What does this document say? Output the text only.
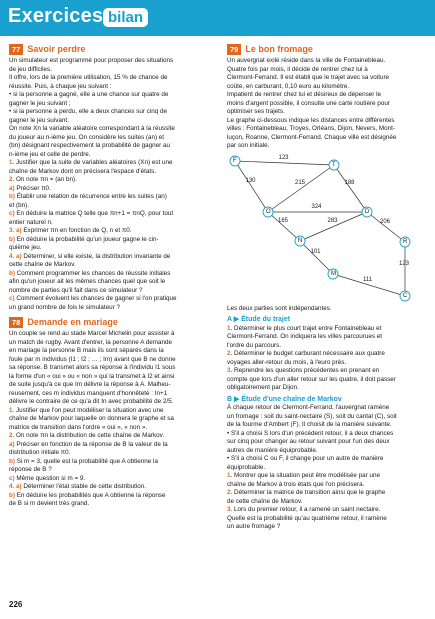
Exercices bilan
77 Savoir perdre

Un simulateur est programmé pour proposer des situations

de jeu difficiles.

Il offre, lors de la première utilisation, 15 % de chance de

réussite. Puis, à chaque jeu suivant :

• si la personne a gagné, elle a une chance sur quatre de

gagner le jeu suivant ;

• si la personne a perdu, elle a deux chances sur cinq de

gagner le jeu suivant.

On note Xn la variable aléatoire correspondant à la réussite

du joueur au n-ième jeu. On considère les suites (an) et

(bn) désignant respectivement la probabilité de gagner au

n-ième jeu et celle de perdre.

1. Justifier que la suite de variables aléatoires (Xn) est une

chaîne de Markov dont on précisera l'espace d'états.

2. On note πn = (an bn).

a) Préciser π0.

b) Établir une relation de récurrence entre les suites (an)

et (bn).

c) En déduire la matrice Q telle que πn+1 = πnQ, pour tout

entier naturel n.

3. a) Exprimer πn en fonction de Q, n et π0.

b) En déduire la probabilité qu'un joueur gagne le cin-

quième jeu.

4. a) Déterminer, si elle existe, la distribution invariante de

cette chaîne de Markov.

b) Comment programmer les chances de réussite initiales

afin qu'un joueur ait les mêmes chances quel que soit le

nombre de parties qu'il fait dans ce simulateur ?

c) Comment évoluent les chances de gagner si l'on pratique

un grand nombre de fois le simulateur ?

78 Demande en mariage

Un couple se rend au stade Marcel Michelin pour assister à

un match de rugby. Avant d'entrer, la personne A demande

en mariage la personne B mais ils sont séparés dans la

foule par m individus (I1 ; I2 ; … ; Im) avant que B ne donne

sa réponse. B transmet alors sa réponse à l'individu I1 sous

la forme d'un « oui » ou « non » qui la transmet à I2 et ainsi

de suite jusqu'à ce que Im délivre la réponse à A. Malheu-

reusement, ces m individus manquent d'honnêteté : In+1

délivre le contraire de ce qu'a dit In avec probabilité de 2/5.

1. Justifier que l'on peut modéliser la situation avec une

chaîne de Markov pour laquelle on donnera le graphe et sa

matrice de transition dans l'ordre « oui », « non ».

2. On note πn la distribution de cette chaîne de Markov.

a) Préciser en fonction de la réponse de B la valeur de la

distribution initiale π0.

b) Si m = 3, quelle est la probabilité que A obtienne la

réponse de B ?

c) Même question si m = 9.

4. a) Déterminer l'état stable de cette distribution.

b) En déduire les probabilités que A obtienne la réponse

de B si m devient très grand.

79 Le bon fromage

Un auvergnat exilé réside dans la ville de Fontainebleau.

Quatre fois par mois, il décide de rentrer chez lui à

Clermont-Ferrand. Il est établi que le trajet avec sa voiture

coûte, en carburant, 0,10 euro au kilomètre.

Impatient de rentrer chez lui et désireux de dépenser le

moins d'argent possible, il consulte une carte routière pour

optimiser ses trajets.

Le graphe ci-dessous indique les distances entre différentes

villes : Fontainebleau, Troyes, Orléans, Dijon, Nevers, Mont-

luçon, Roanne, Clermont-Ferrand. Chaque ville est désignée

par son initiale.

123
130	215	188
324
165	283	206
101
111
123
F
T
O	D
R
N
M
C

Les deux parties sont indépendantes.

A ▶ Étude du trajet

1. Déterminer le plus court trajet entre Fontainebleau et

Clermont-Ferrand. On indiquera les villes parcourues et

l'ordre du parcours.

2. Déterminer le budget carburant nécessaire aux quatre

voyages aller-retour du mois, à l'euro près.

3. Reprendre les questions précédentes en prenant en

compte que lors d'un aller retour sur les quatre, il doit passer

obligatoirement par Dijon.

B ▶ Étude d'une chaîne de Markov

À chaque retour de Clermont-Ferrand, l'auvergnat ramène

un fromage : soit du saint-nectaire (S), soit du cantal (C), soit

de la fourme d'Ambert (F). Il choisit de la manière suivante.

• S'il a choisi S lors d'un précédent retour, il a deux chances

sur cinq pour changer au retour suivant pour l'un des deux

autres de manière équiprobable.

• S'il a choisi C ou F, il change pour un autre de manière

équiprobable.

1. Montrer que la situation peut être modélisée par une

chaîne de Markov à trois états que l'on précisera.

2. Déterminer la matrice de transition ainsi que le graphe

de cette chaîne de Markov.

3. Lors du premier retour, il a ramené un saint nectaire.

Quelle est la probabilité qu'au quatrième retour, il ramène

un autre fromage ?

226
